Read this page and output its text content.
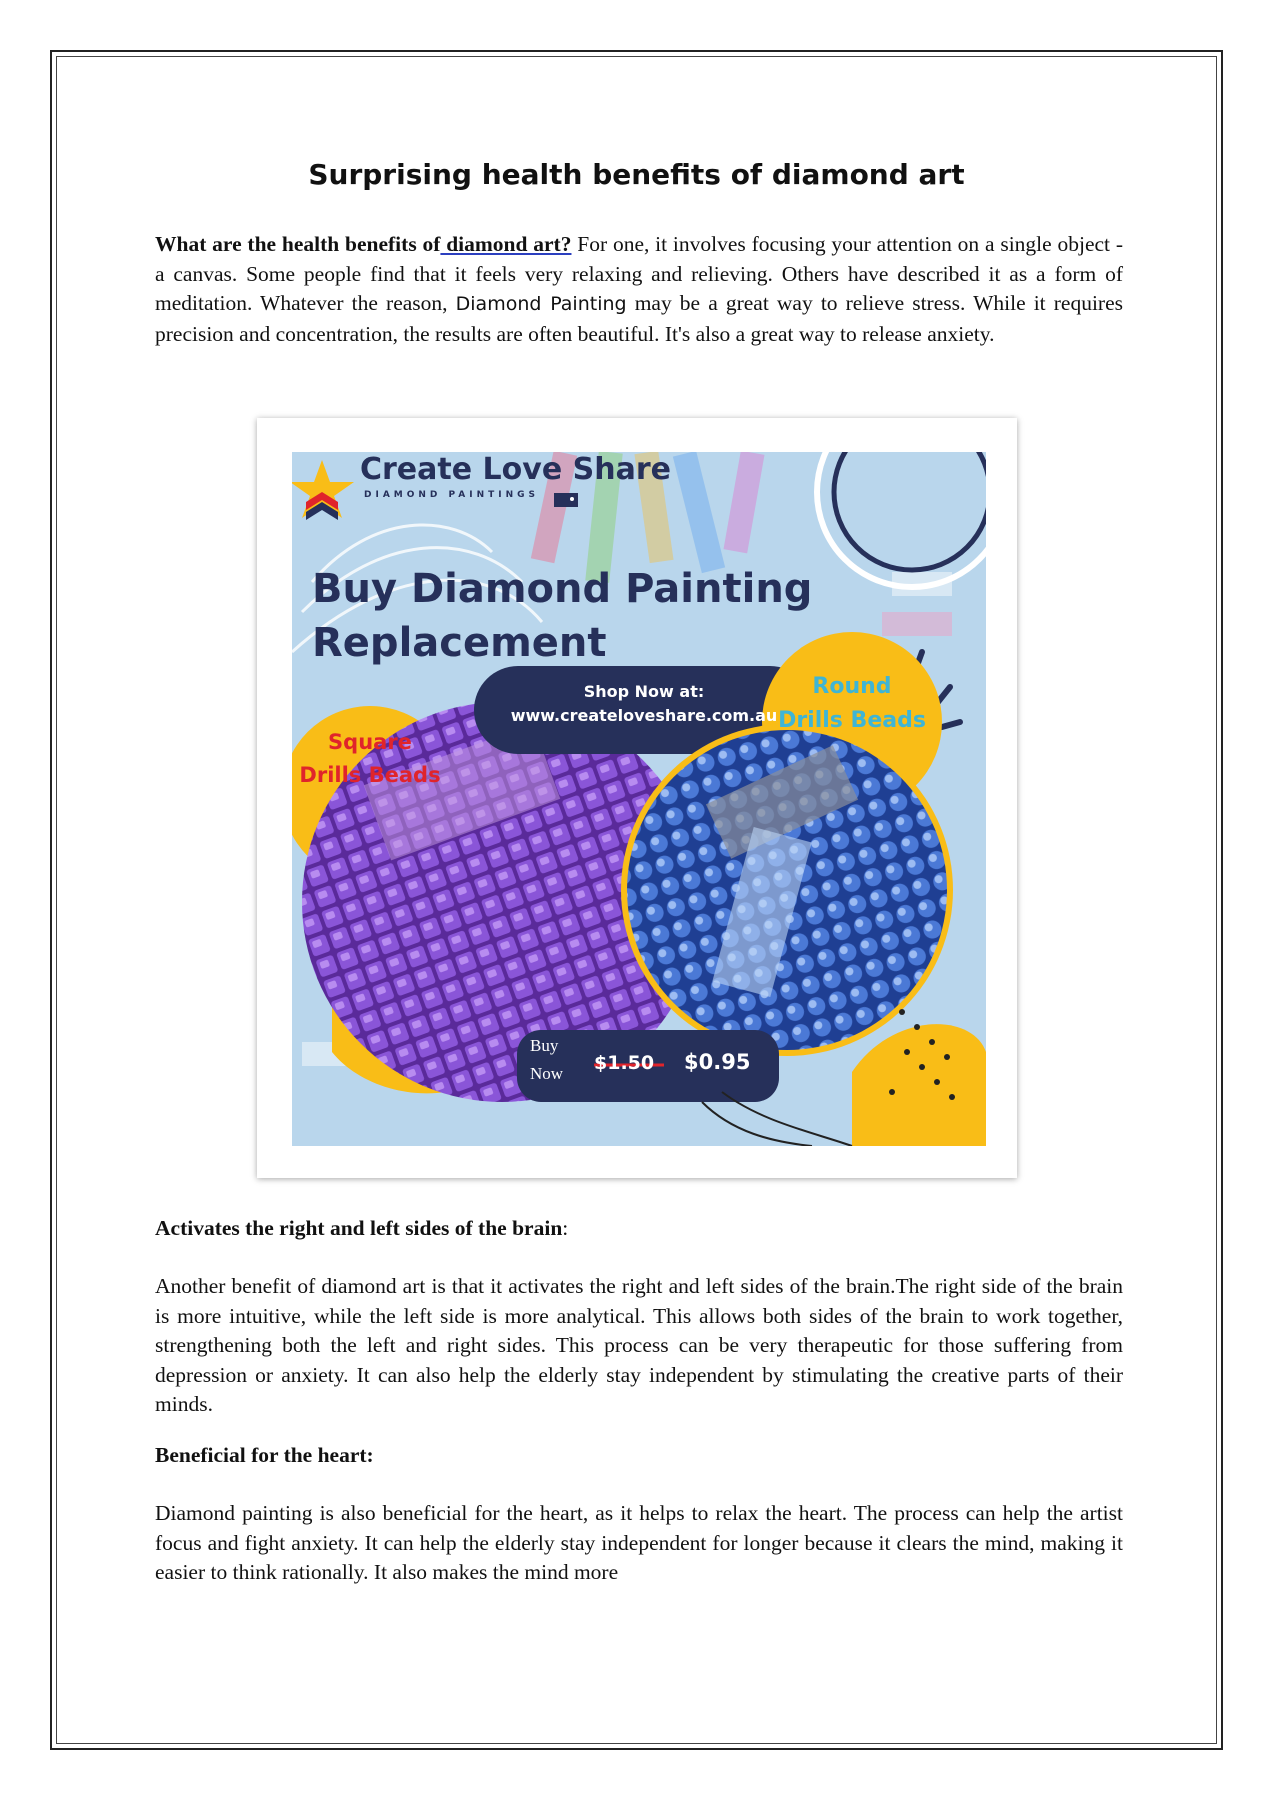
Surprising health benefits of diamond art
What are the health benefits of diamond art? For one, it involves focusing your attention on a single object - a canvas. Some people find that it feels very relaxing and relieving. Others have described it as a form of meditation. Whatever the reason, Diamond Painting may be a great way to relieve stress. While it requires precision and concentration, the results are often beautiful. It's also a great way to release anxiety.
Create Love Share
DIAMOND PAINTINGS
Buy Diamond Painting
Replacement
Shop Now at:
www.createloveshare.com.au
Round
Drills Beads
Square
Drills Beads
Buy
Now $1.50 $0.95
Activates the right and left sides of the brain:
Another benefit of diamond art is that it activates the right and left sides of the brain.The right side of the brain is more intuitive, while the left side is more analytical. This allows both sides of the brain to work together, strengthening both the left and right sides. This process can be very therapeutic for those suffering from depression or anxiety. It can also help the elderly stay independent by stimulating the creative parts of their minds.
Beneficial for the heart:
Diamond painting is also beneficial for the heart, as it helps to relax the heart. The process can help the artist focus and fight anxiety. It can help the elderly stay independent for longer because it clears the mind, making it easier to think rationally. It also makes the mind more
